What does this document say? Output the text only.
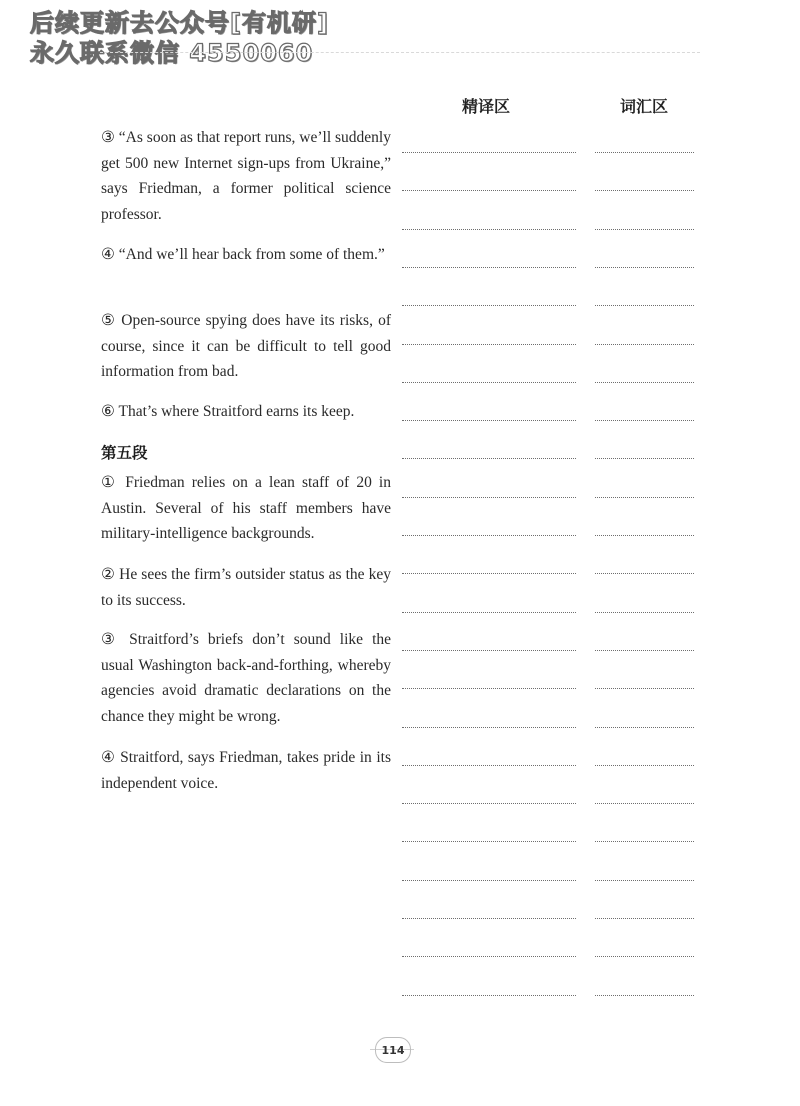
后续更新去公众号[有机研]
永久联系微信 4550060
精译区	词汇区
③ “As soon as that report runs, we’ll suddenly get 500 new Internet sign-ups from Ukraine,” says Friedman, a former political science professor.
④ “And we’ll hear back from some of them.”
⑤ Open-source spying does have its risks, of course, since it can be difficult to tell good information from bad.
⑥ That’s where Straitford earns its keep.
第五段
① Friedman relies on a lean staff of 20 in Austin. Several of his staff members have military-intelligence backgrounds.
② He sees the firm’s outsider status as the key to its success.
③ Straitford’s briefs don’t sound like the usual Washington back-and-forthing, whereby agencies avoid dramatic declarations on the chance they might be wrong.
④ Straitford, says Friedman, takes pride in its independent voice.
114
